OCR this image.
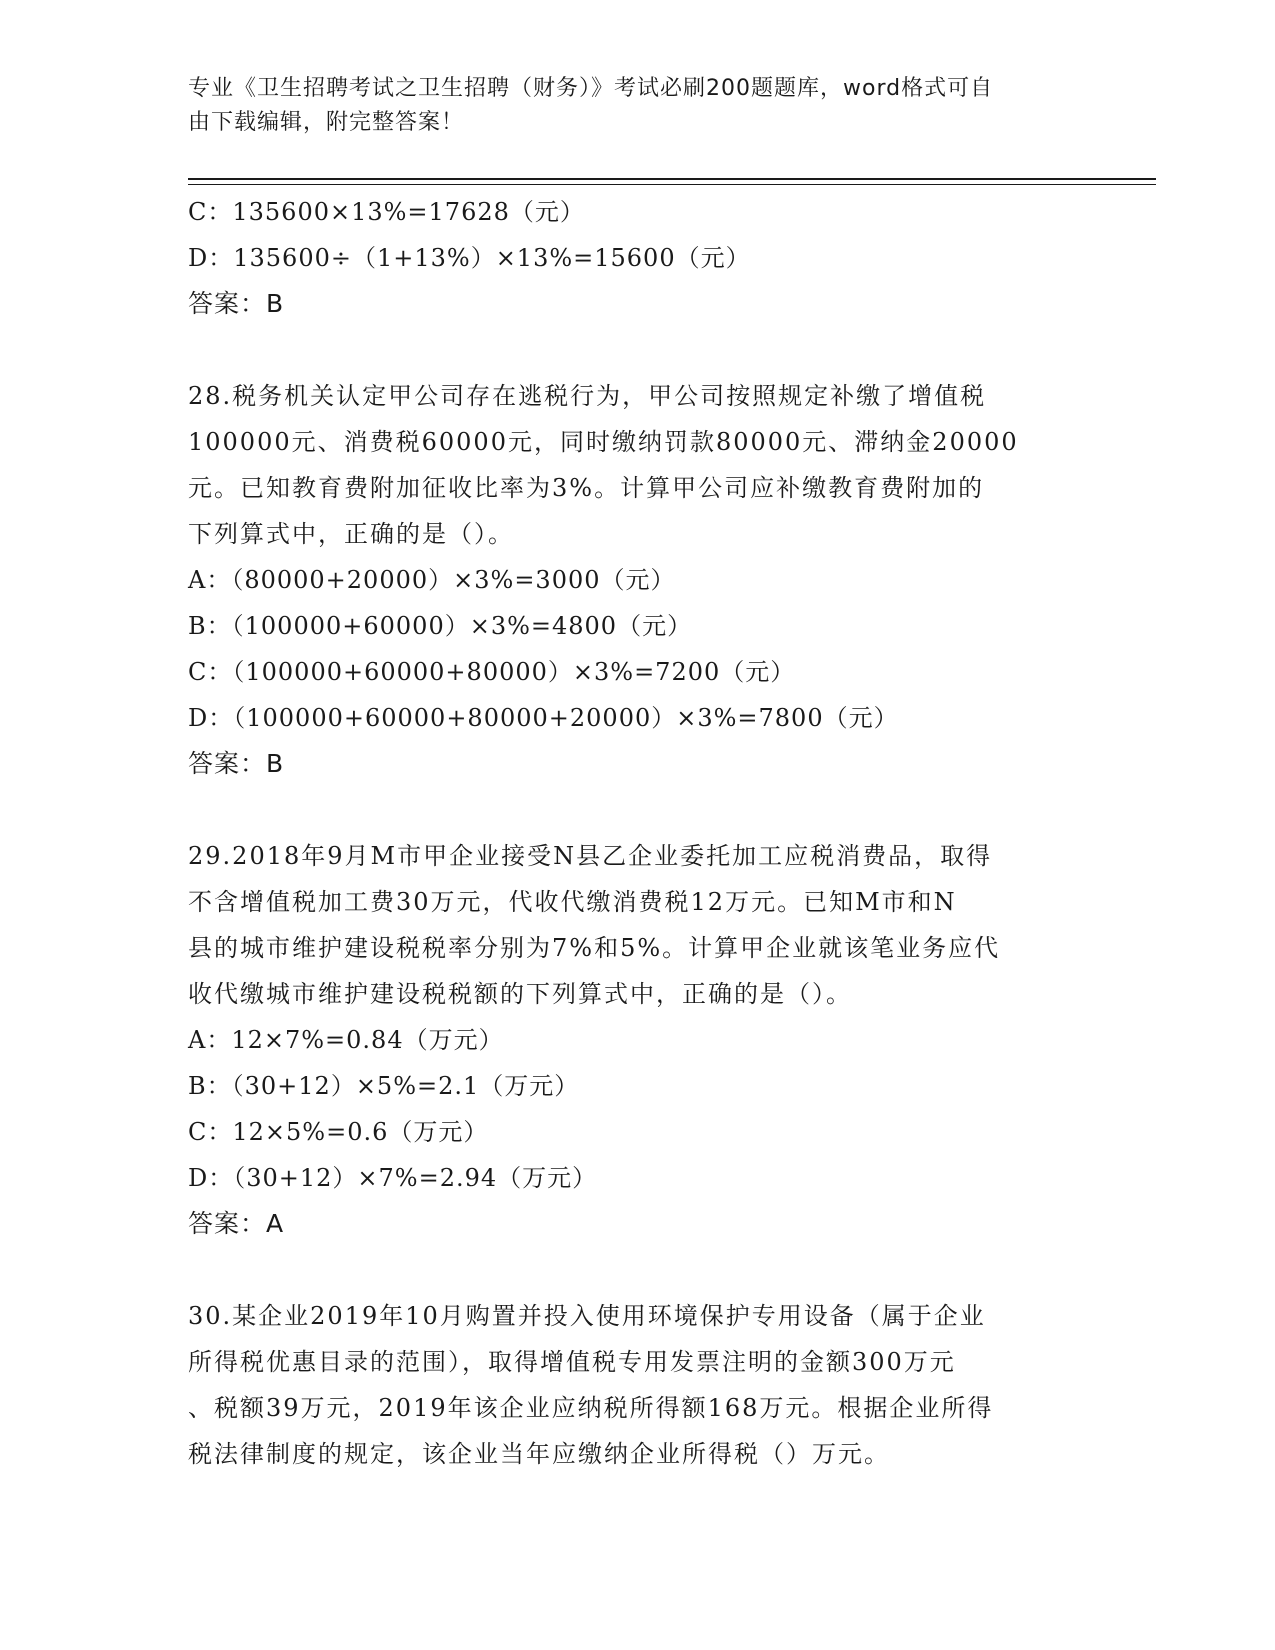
专业《卫生招聘考试之卫生招聘（财务）》考试必刷200题题库，word格式可自
由下载编辑，附完整答案！
C：135600×13%=17628（元）
D：135600÷（1+13%）×13%=15600（元）
答案：B
28.税务机关认定甲公司存在逃税行为，甲公司按照规定补缴了增值税
100000元、消费税60000元，同时缴纳罚款80000元、滞纳金20000
元。已知教育费附加征收比率为3%。计算甲公司应补缴教育费附加的
下列算式中，正确的是（）。
A：（80000+20000）×3%=3000（元）
B：（100000+60000）×3%=4800（元）
C：（100000+60000+80000）×3%=7200（元）
D：（100000+60000+80000+20000）×3%=7800（元）
答案：B
29.2018年9月M市甲企业接受N县乙企业委托加工应税消费品，取得
不含增值税加工费30万元，代收代缴消费税12万元。已知M市和N
县的城市维护建设税税率分别为7%和5%。计算甲企业就该笔业务应代
收代缴城市维护建设税税额的下列算式中，正确的是（）。
A：12×7%=0.84（万元）
B：（30+12）×5%=2.1（万元）
C：12×5%=0.6（万元）
D：（30+12）×7%=2.94（万元）
答案：A
30.某企业2019年10月购置并投入使用环境保护专用设备（属于企业
所得税优惠目录的范围），取得增值税专用发票注明的金额300万元
、税额39万元，2019年该企业应纳税所得额168万元。根据企业所得
税法律制度的规定，该企业当年应缴纳企业所得税（）万元。
